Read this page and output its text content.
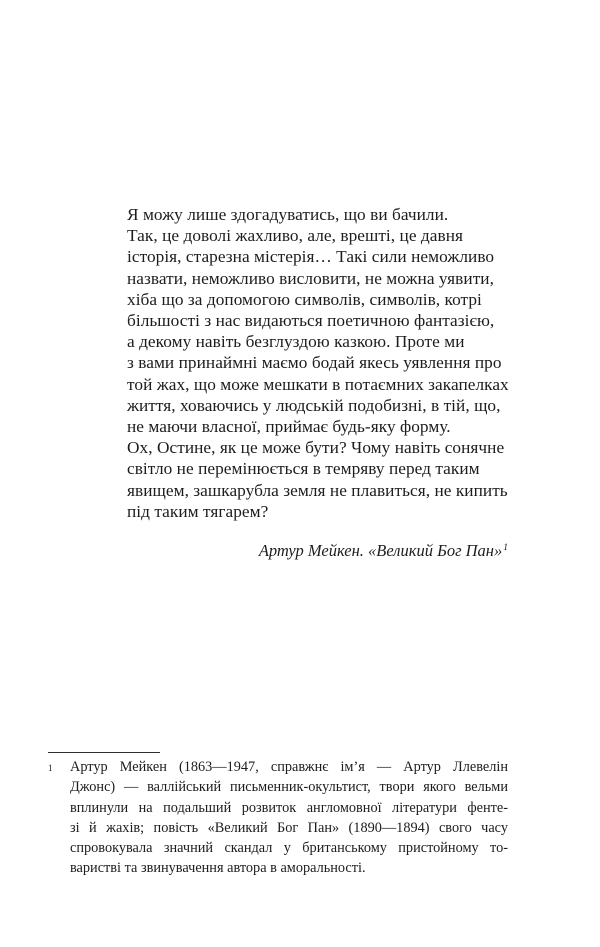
Я можу лише здогадуватись, що ви бачили.
Так, це доволі жахливо, але, врешті, це давня
історія, старезна містерія… Такі сили неможливо
назвати, неможливо висловити, не можна уявити,
хіба що за допомогою символів, символів, котрі
більшості з нас видаються поетичною фантазією,
а декому навіть безглуздою казкою. Проте ми
з вами принаймні маємо бодай якесь уявлення про
той жах, що може мешкати в потаємних закапелках
життя, ховаючись у людській подобизні, в тій, що,
не маючи власної, приймає будь-яку форму.
Ох, Остине, як це може бути? Чому навіть сонячне
світло не перемінюється в темряву перед таким
явищем, зашкарубла земля не плавиться, не кипить
під таким тягарем?
Артур Мейкен. «Великий Бог Пан»$^1$
1 Артур Мейкен (1863—1947, справжнє ім’я — Артур Ллевелін
Джонс) — валлійський письменник-окультист, твори якого вельми
вплинули на подальший розвиток англомовної літератури фенте-
зі й жахів; повість «Великий Бог Пан» (1890—1894) свого часу
спровокувала значний скандал у британському пристойному то-
варистві та звинувачення автора в аморальності.
